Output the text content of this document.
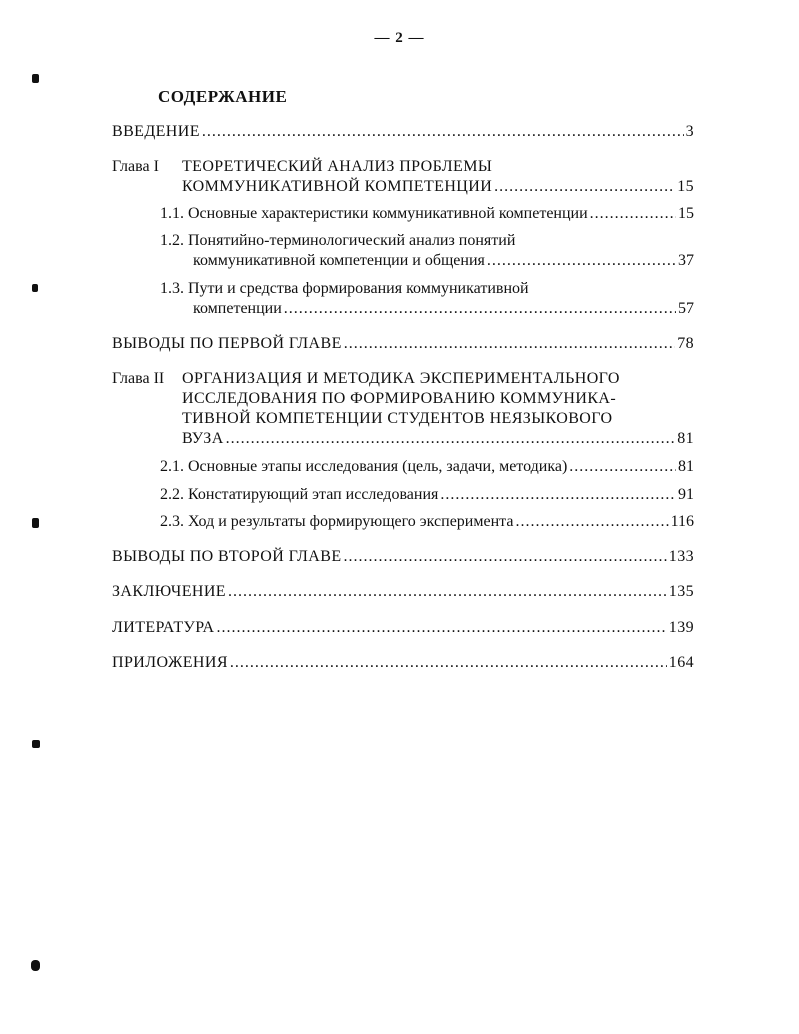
— 2 —
СОДЕРЖАНИЕ
ВВЕДЕНИЕ .....	3
Глава I ТЕОРЕТИЧЕСКИЙ АНАЛИЗ ПРОБЛЕМЫ
КОММУНИКАТИВНОЙ КОМПЕТЕНЦИИ .....	15
1.1. Основные характеристики коммуникативной компетенции .....	15
1.2. Понятийно-терминологический анализ понятий
коммуникативной компетенции и общения .....	37
1.3. Пути и средства формирования коммуникативной
компетенции .....	57
ВЫВОДЫ ПО ПЕРВОЙ ГЛАВЕ .....	78
Глава II ОРГАНИЗАЦИЯ И МЕТОДИКА ЭКСПЕРИМЕНТАЛЬНОГО
ИССЛЕДОВАНИЯ ПО ФОРМИРОВАНИЮ КОММУНИКА-
ТИВНОЙ КОМПЕТЕНЦИИ СТУДЕНТОВ НЕЯЗЫКОВОГО
ВУЗА .....	81
2.1. Основные этапы исследования (цель, задачи, методика) .....	81
2.2. Констатирующий этап исследования .....	91
2.3. Ход и результаты формирующего эксперимента .....	116
ВЫВОДЫ ПО ВТОРОЙ ГЛАВЕ .....	133
ЗАКЛЮЧЕНИЕ .....	135
ЛИТЕРАТУРА .....	139
ПРИЛОЖЕНИЯ .....	164
